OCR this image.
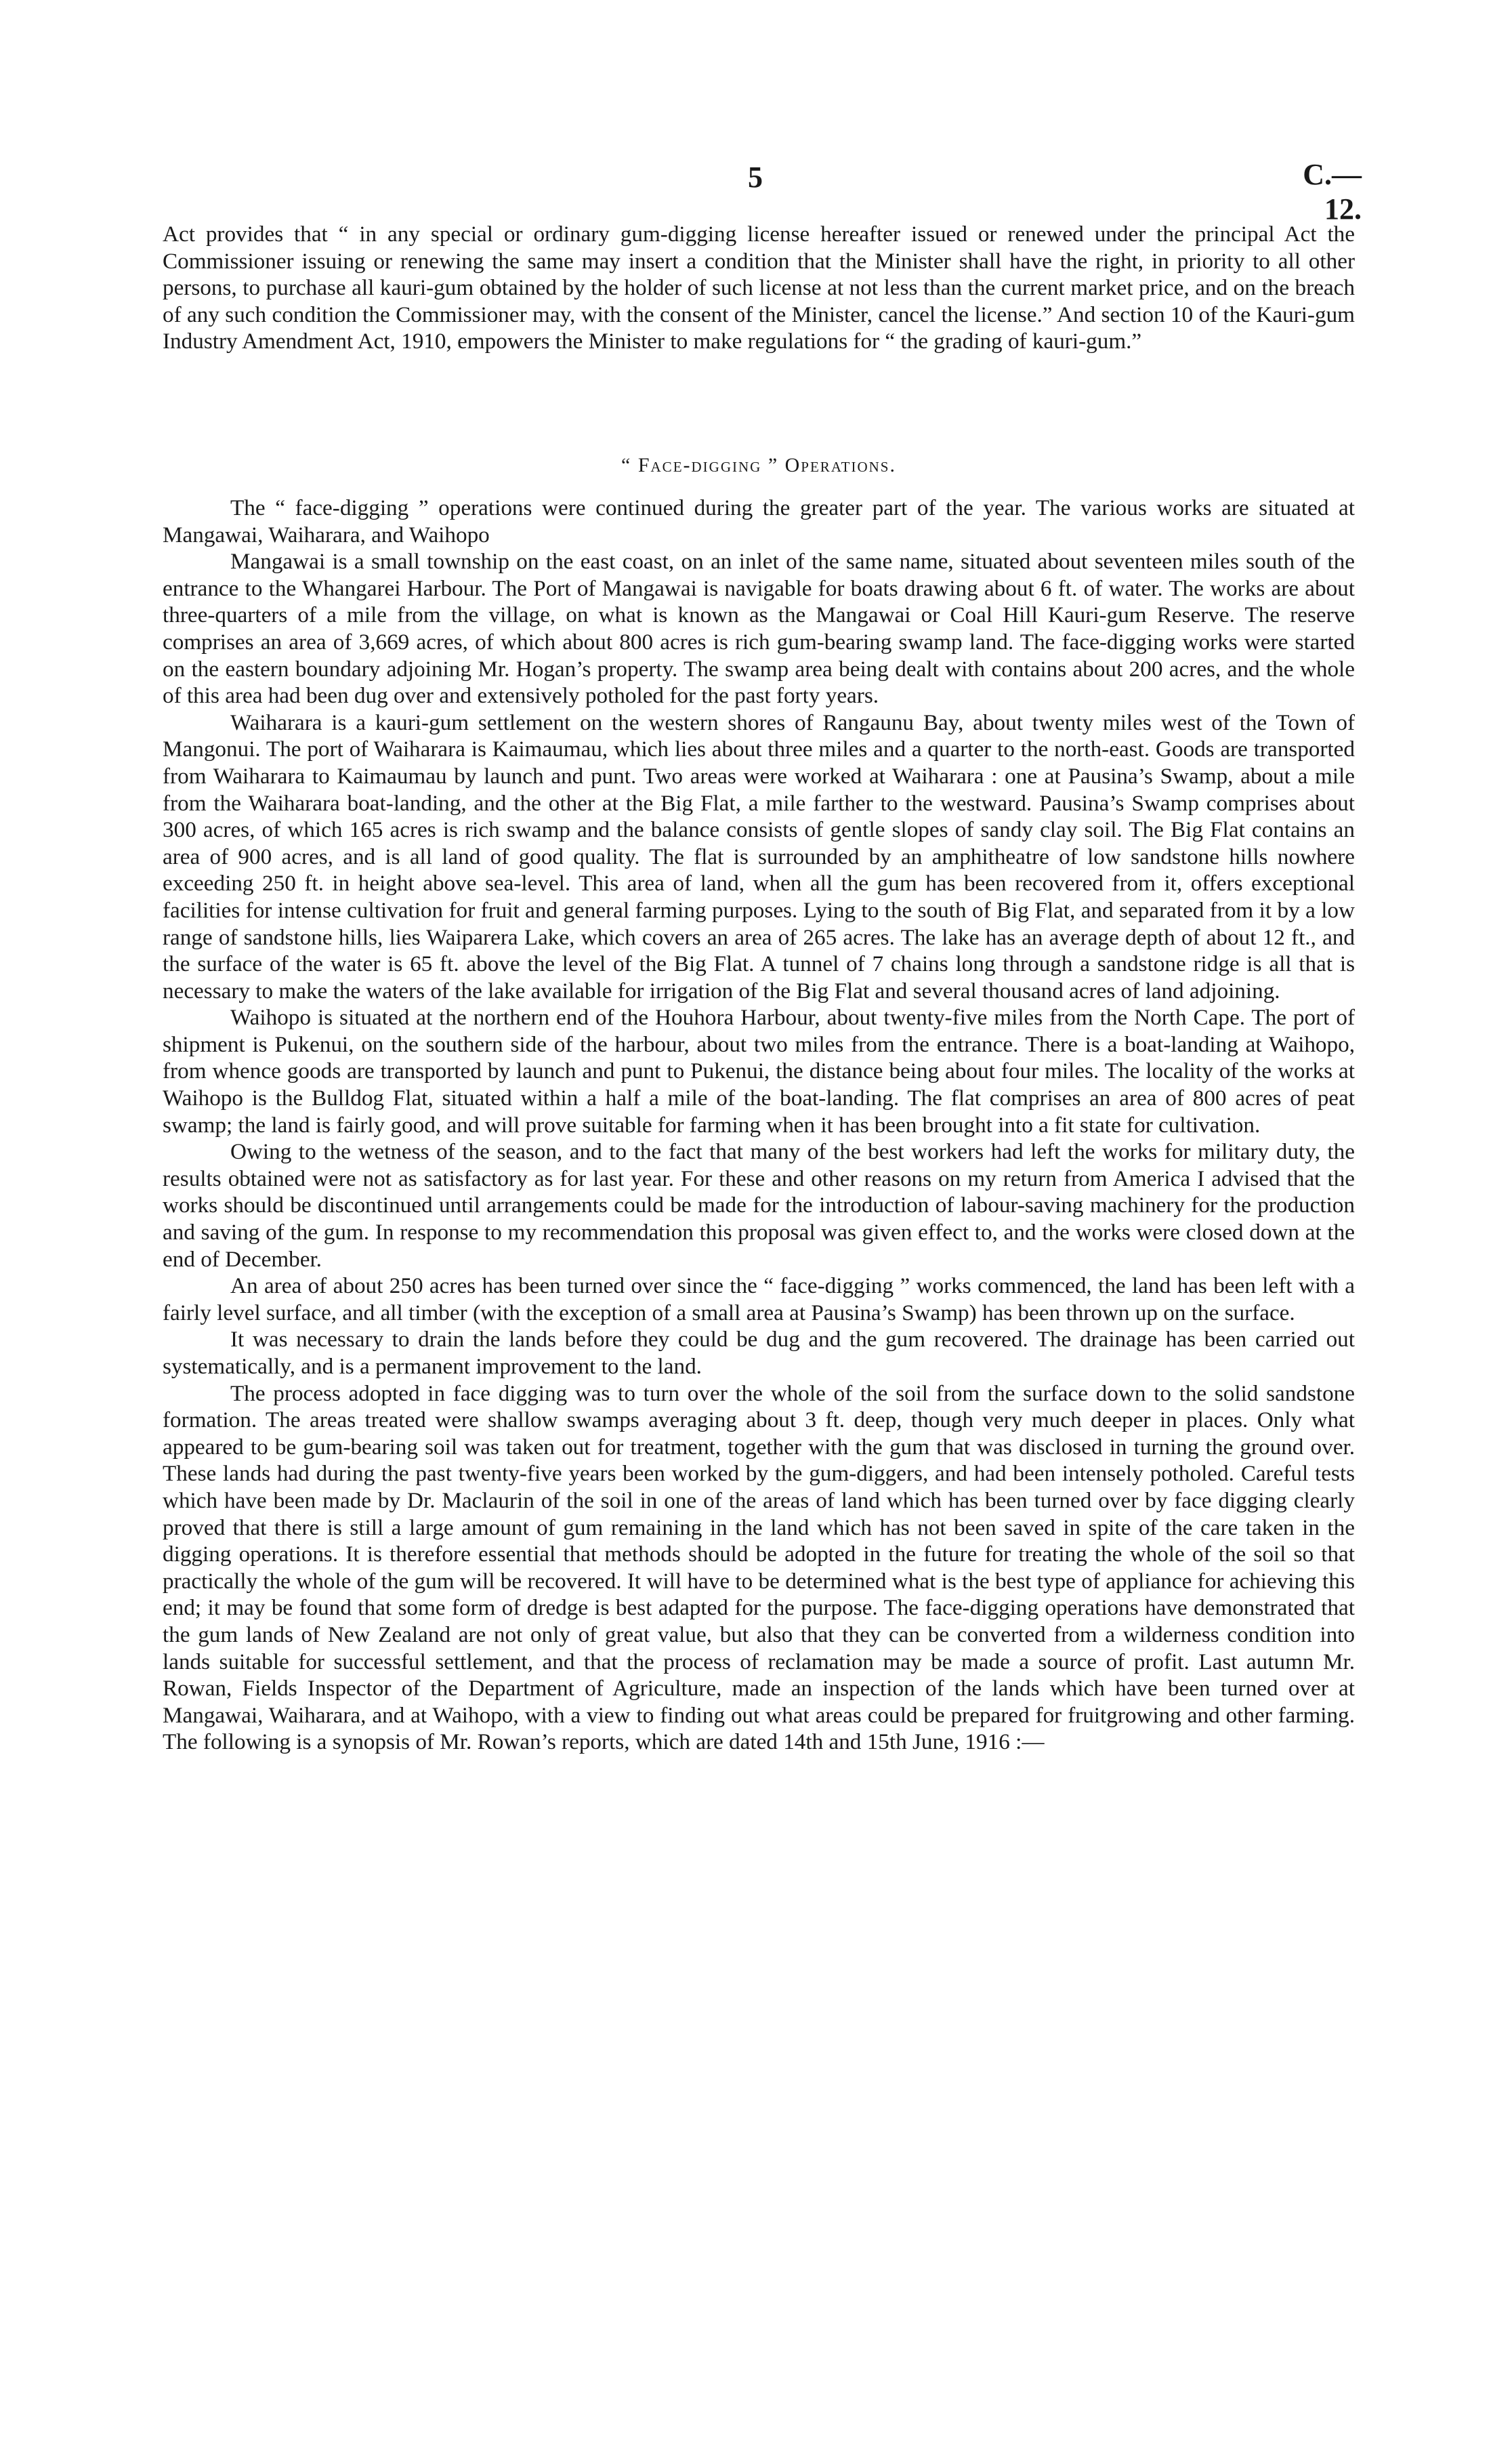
5	C.—12.

Act provides that “ in any special or ordinary gum-digging license hereafter issued or renewed under the principal Act the Commissioner issuing or renewing the same may insert a condition that the Minister shall have the right, in priority to all other persons, to purchase all kauri-gum obtained by the holder of such license at not less than the current market price, and on the breach of any such condition the Commissioner may, with the consent of the Minister, cancel the license.” And section 10 of the Kauri-gum Industry Amendment Act, 1910, empowers the Minister to make regulations for “ the grading of kauri-gum.”

“ Face-digging ” Operations.

The “ face-digging ” operations were continued during the greater part of the year. The various works are situated at Mangawai, Waiharara, and Waihopo

Mangawai is a small township on the east coast, on an inlet of the same name, situated about seventeen miles south of the entrance to the Whangarei Harbour. The Port of Mangawai is navigable for boats drawing about 6 ft. of water. The works are about three-quarters of a mile from the village, on what is known as the Mangawai or Coal Hill Kauri-gum Reserve. The reserve comprises an area of 3,669 acres, of which about 800 acres is rich gum-bearing swamp land. The face-digging works were started on the eastern boundary adjoining Mr. Hogan’s property. The swamp area being dealt with contains about 200 acres, and the whole of this area had been dug over and extensively potholed for the past forty years.

Waiharara is a kauri-gum settlement on the western shores of Rangaunu Bay, about twenty miles west of the Town of Mangonui. The port of Waiharara is Kaimaumau, which lies about three miles and a quarter to the north-east. Goods are transported from Waiharara to Kaimaumau by launch and punt. Two areas were worked at Waiharara : one at Pausina’s Swamp, about a mile from the Waiharara boat-landing, and the other at the Big Flat, a mile farther to the westward. Pausina’s Swamp comprises about 300 acres, of which 165 acres is rich swamp and the balance consists of gentle slopes of sandy clay soil. The Big Flat contains an area of 900 acres, and is all land of good quality. The flat is surrounded by an amphitheatre of low sandstone hills nowhere exceeding 250 ft. in height above sea-level. This area of land, when all the gum has been recovered from it, offers exceptional facilities for intense cultivation for fruit and general farming purposes. Lying to the south of Big Flat, and separated from it by a low range of sandstone hills, lies Waiparera Lake, which covers an area of 265 acres. The lake has an average depth of about 12 ft., and the surface of the water is 65 ft. above the level of the Big Flat. A tunnel of 7 chains long through a sandstone ridge is all that is necessary to make the waters of the lake available for irrigation of the Big Flat and several thousand acres of land adjoining.

Waihopo is situated at the northern end of the Houhora Harbour, about twenty-five miles from the North Cape. The port of shipment is Pukenui, on the southern side of the harbour, about two miles from the entrance. There is a boat-landing at Waihopo, from whence goods are transported by launch and punt to Pukenui, the distance being about four miles. The locality of the works at Waihopo is the Bulldog Flat, situated within a half a mile of the boat-landing. The flat comprises an area of 800 acres of peat swamp; the land is fairly good, and will prove suitable for farming when it has been brought into a fit state for cultivation.

Owing to the wetness of the season, and to the fact that many of the best workers had left the works for military duty, the results obtained were not as satisfactory as for last year. For these and other reasons on my return from America I advised that the works should be discontinued until arrangements could be made for the introduction of labour-saving machinery for the production and saving of the gum. In response to my recommendation this proposal was given effect to, and the works were closed down at the end of December.

An area of about 250 acres has been turned over since the “ face-digging ” works commenced, the land has been left with a fairly level surface, and all timber (with the exception of a small area at Pausina’s Swamp) has been thrown up on the surface.

It was necessary to drain the lands before they could be dug and the gum recovered. The drainage has been carried out systematically, and is a permanent improvement to the land.

The process adopted in face digging was to turn over the whole of the soil from the surface down to the solid sandstone formation. The areas treated were shallow swamps averaging about 3 ft. deep, though very much deeper in places. Only what appeared to be gum-bearing soil was taken out for treatment, together with the gum that was disclosed in turning the ground over. These lands had during the past twenty-five years been worked by the gum-diggers, and had been intensely potholed. Careful tests which have been made by Dr. Maclaurin of the soil in one of the areas of land which has been turned over by face digging clearly proved that there is still a large amount of gum remaining in the land which has not been saved in spite of the care taken in the digging operations. It is therefore essential that methods should be adopted in the future for treating the whole of the soil so that practically the whole of the gum will be recovered. It will have to be determined what is the best type of appliance for achieving this end; it may be found that some form of dredge is best adapted for the purpose. The face-digging operations have demonstrated that the gum lands of New Zealand are not only of great value, but also that they can be converted from a wilderness condition into lands suitable for successful settlement, and that the process of reclamation may be made a source of profit. Last autumn Mr. Rowan, Fields Inspector of the Department of Agriculture, made an inspection of the lands which have been turned over at Mangawai, Waiharara, and at Waihopo, with a view to finding out what areas could be prepared for fruitgrowing and other farming. The following is a synopsis of Mr. Rowan’s reports, which are dated 14th and 15th June, 1916 :—
